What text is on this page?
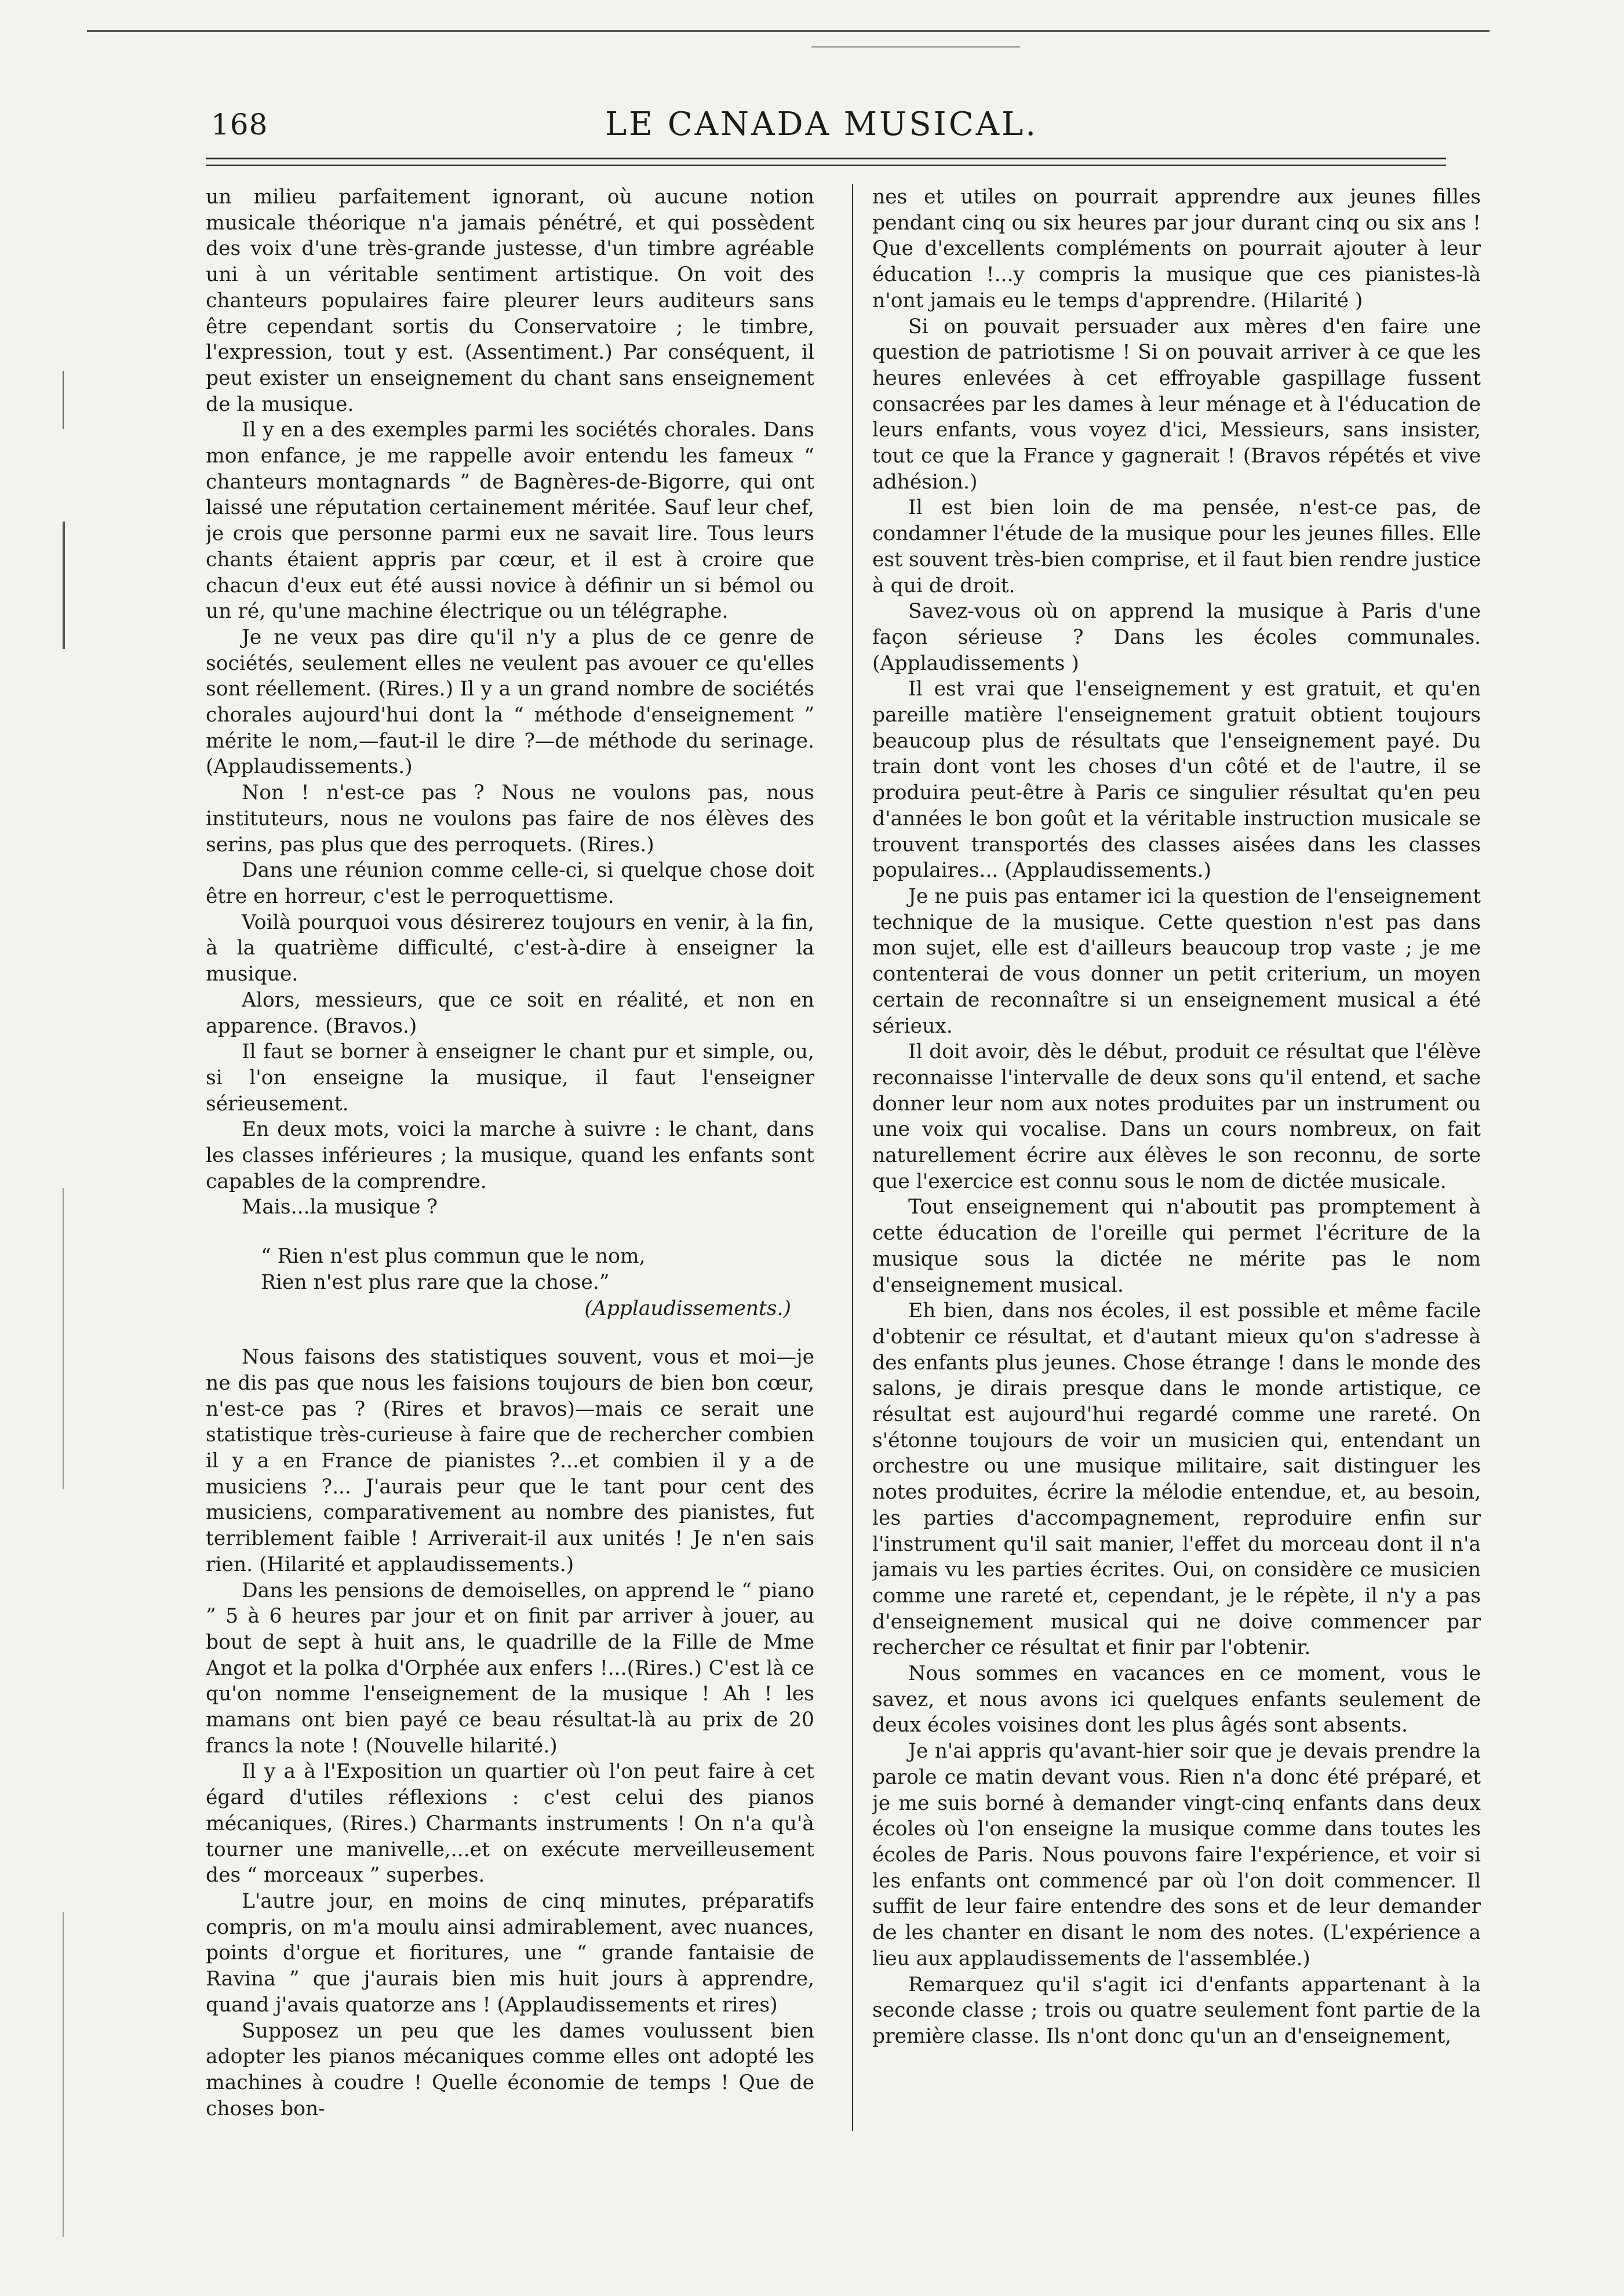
168	LE CANADA MUSICAL.

un milieu parfaitement ignorant, où aucune notion musicale théorique n'a jamais pénétré, et qui possèdent des voix d'une très-grande justesse, d'un timbre agréable uni à un véritable sentiment artistique. On voit des chanteurs populaires faire pleurer leurs auditeurs sans être cependant sortis du Conservatoire ; le timbre, l'expression, tout y est. (Assentiment.) Par conséquent, il peut exister un enseignement du chant sans enseignement de la musique.

Il y en a des exemples parmi les sociétés chorales. Dans mon enfance, je me rappelle avoir entendu les fameux “ chanteurs montagnards ” de Bagnères-de-Bigorre, qui ont laissé une réputation certainement méritée. Sauf leur chef, je crois que personne parmi eux ne savait lire. Tous leurs chants étaient appris par cœur, et il est à croire que chacun d'eux eut été aussi novice à définir un si bémol ou un ré, qu'une machine électrique ou un télégraphe.

Je ne veux pas dire qu'il n'y a plus de ce genre de sociétés, seulement elles ne veulent pas avouer ce qu'elles sont réellement. (Rires.) Il y a un grand nombre de sociétés chorales aujourd'hui dont la “ méthode d'enseignement ” mérite le nom,—faut-il le dire ?—de méthode du serinage. (Applaudissements.)

Non ! n'est-ce pas ? Nous ne voulons pas, nous instituteurs, nous ne voulons pas faire de nos élèves des serins, pas plus que des perroquets. (Rires.)

Dans une réunion comme celle-ci, si quelque chose doit être en horreur, c'est le perroquettisme.

Voilà pourquoi vous désirerez toujours en venir, à la fin, à la quatrième difficulté, c'est-à-dire à enseigner la musique.

Alors, messieurs, que ce soit en réalité, et non en apparence. (Bravos.)

Il faut se borner à enseigner le chant pur et simple, ou, si l'on enseigne la musique, il faut l'enseigner sérieusement.

En deux mots, voici la marche à suivre : le chant, dans les classes inférieures ; la musique, quand les enfants sont capables de la comprendre.

Mais...la musique ?

“ Rien n'est plus commun que le nom,
Rien n'est plus rare que la chose.”
(Applaudissements.)

Nous faisons des statistiques souvent, vous et moi—je ne dis pas que nous les faisions toujours de bien bon cœur, n'est-ce pas ? (Rires et bravos)—mais ce serait une statistique très-curieuse à faire que de rechercher combien il y a en France de pianistes ?...et combien il y a de musiciens ?... J'aurais peur que le tant pour cent des musiciens, comparativement au nombre des pianistes, fut terriblement faible ! Arriverait-il aux unités ! Je n'en sais rien. (Hilarité et applaudissements.)

Dans les pensions de demoiselles, on apprend le “ piano ” 5 à 6 heures par jour et on finit par arriver à jouer, au bout de sept à huit ans, le quadrille de la Fille de Mme Angot et la polka d'Orphée aux enfers !...(Rires.) C'est là ce qu'on nomme l'enseignement de la musique ! Ah ! les mamans ont bien payé ce beau résultat-là au prix de 20 francs la note ! (Nouvelle hilarité.)

Il y a à l'Exposition un quartier où l'on peut faire à cet égard d'utiles réflexions : c'est celui des pianos mécaniques, (Rires.) Charmants instruments ! On n'a qu'à tourner une manivelle,...et on exécute merveilleusement des “ morceaux ” superbes.

L'autre jour, en moins de cinq minutes, préparatifs compris, on m'a moulu ainsi admirablement, avec nuances, points d'orgue et fioritures, une “ grande fantaisie de Ravina ” que j'aurais bien mis huit jours à apprendre, quand j'avais quatorze ans ! (Applaudissements et rires)

Supposez un peu que les dames voulussent bien adopter les pianos mécaniques comme elles ont adopté les machines à coudre ! Quelle économie de temps ! Que de choses bon-

nes et utiles on pourrait apprendre aux jeunes filles pendant cinq ou six heures par jour durant cinq ou six ans ! Que d'excellents compléments on pourrait ajouter à leur éducation !...y compris la musique que ces pianistes-là n'ont jamais eu le temps d'apprendre. (Hilarité )

Si on pouvait persuader aux mères d'en faire une question de patriotisme ! Si on pouvait arriver à ce que les heures enlevées à cet effroyable gaspillage fussent consacrées par les dames à leur ménage et à l'éducation de leurs enfants, vous voyez d'ici, Messieurs, sans insister, tout ce que la France y gagnerait ! (Bravos répétés et vive adhésion.)

Il est bien loin de ma pensée, n'est-ce pas, de condamner l'étude de la musique pour les jeunes filles. Elle est souvent très-bien comprise, et il faut bien rendre justice à qui de droit.

Savez-vous où on apprend la musique à Paris d'une façon sérieuse ? Dans les écoles communales. (Applaudissements )

Il est vrai que l'enseignement y est gratuit, et qu'en pareille matière l'enseignement gratuit obtient toujours beaucoup plus de résultats que l'enseignement payé. Du train dont vont les choses d'un côté et de l'autre, il se produira peut-être à Paris ce singulier résultat qu'en peu d'années le bon goût et la véritable instruction musicale se trouvent transportés des classes aisées dans les classes populaires... (Applaudissements.)

Je ne puis pas entamer ici la question de l'enseignement technique de la musique. Cette question n'est pas dans mon sujet, elle est d'ailleurs beaucoup trop vaste ; je me contenterai de vous donner un petit criterium, un moyen certain de reconnaître si un enseignement musical a été sérieux.

Il doit avoir, dès le début, produit ce résultat que l'élève reconnaisse l'intervalle de deux sons qu'il entend, et sache donner leur nom aux notes produites par un instrument ou une voix qui vocalise. Dans un cours nombreux, on fait naturellement écrire aux élèves le son reconnu, de sorte que l'exercice est connu sous le nom de dictée musicale.

Tout enseignement qui n'aboutit pas promptement à cette éducation de l'oreille qui permet l'écriture de la musique sous la dictée ne mérite pas le nom d'enseignement musical.

Eh bien, dans nos écoles, il est possible et même facile d'obtenir ce résultat, et d'autant mieux qu'on s'adresse à des enfants plus jeunes. Chose étrange ! dans le monde des salons, je dirais presque dans le monde artistique, ce résultat est aujourd'hui regardé comme une rareté. On s'étonne toujours de voir un musicien qui, entendant un orchestre ou une musique militaire, sait distinguer les notes produites, écrire la mélodie entendue, et, au besoin, les parties d'accompagnement, reproduire enfin sur l'instrument qu'il sait manier, l'effet du morceau dont il n'a jamais vu les parties écrites. Oui, on considère ce musicien comme une rareté et, cependant, je le répète, il n'y a pas d'enseignement musical qui ne doive commencer par rechercher ce résultat et finir par l'obtenir.

Nous sommes en vacances en ce moment, vous le savez, et nous avons ici quelques enfants seulement de deux écoles voisines dont les plus âgés sont absents.

Je n'ai appris qu'avant-hier soir que je devais prendre la parole ce matin devant vous. Rien n'a donc été préparé, et je me suis borné à demander vingt-cinq enfants dans deux écoles où l'on enseigne la musique comme dans toutes les écoles de Paris. Nous pouvons faire l'expérience, et voir si les enfants ont commencé par où l'on doit commencer. Il suffit de leur faire entendre des sons et de leur demander de les chanter en disant le nom des notes. (L'expérience a lieu aux applaudissements de l'assemblée.)

Remarquez qu'il s'agit ici d'enfants appartenant à la seconde classe ; trois ou quatre seulement font partie de la première classe. Ils n'ont donc qu'un an d'enseignement,
